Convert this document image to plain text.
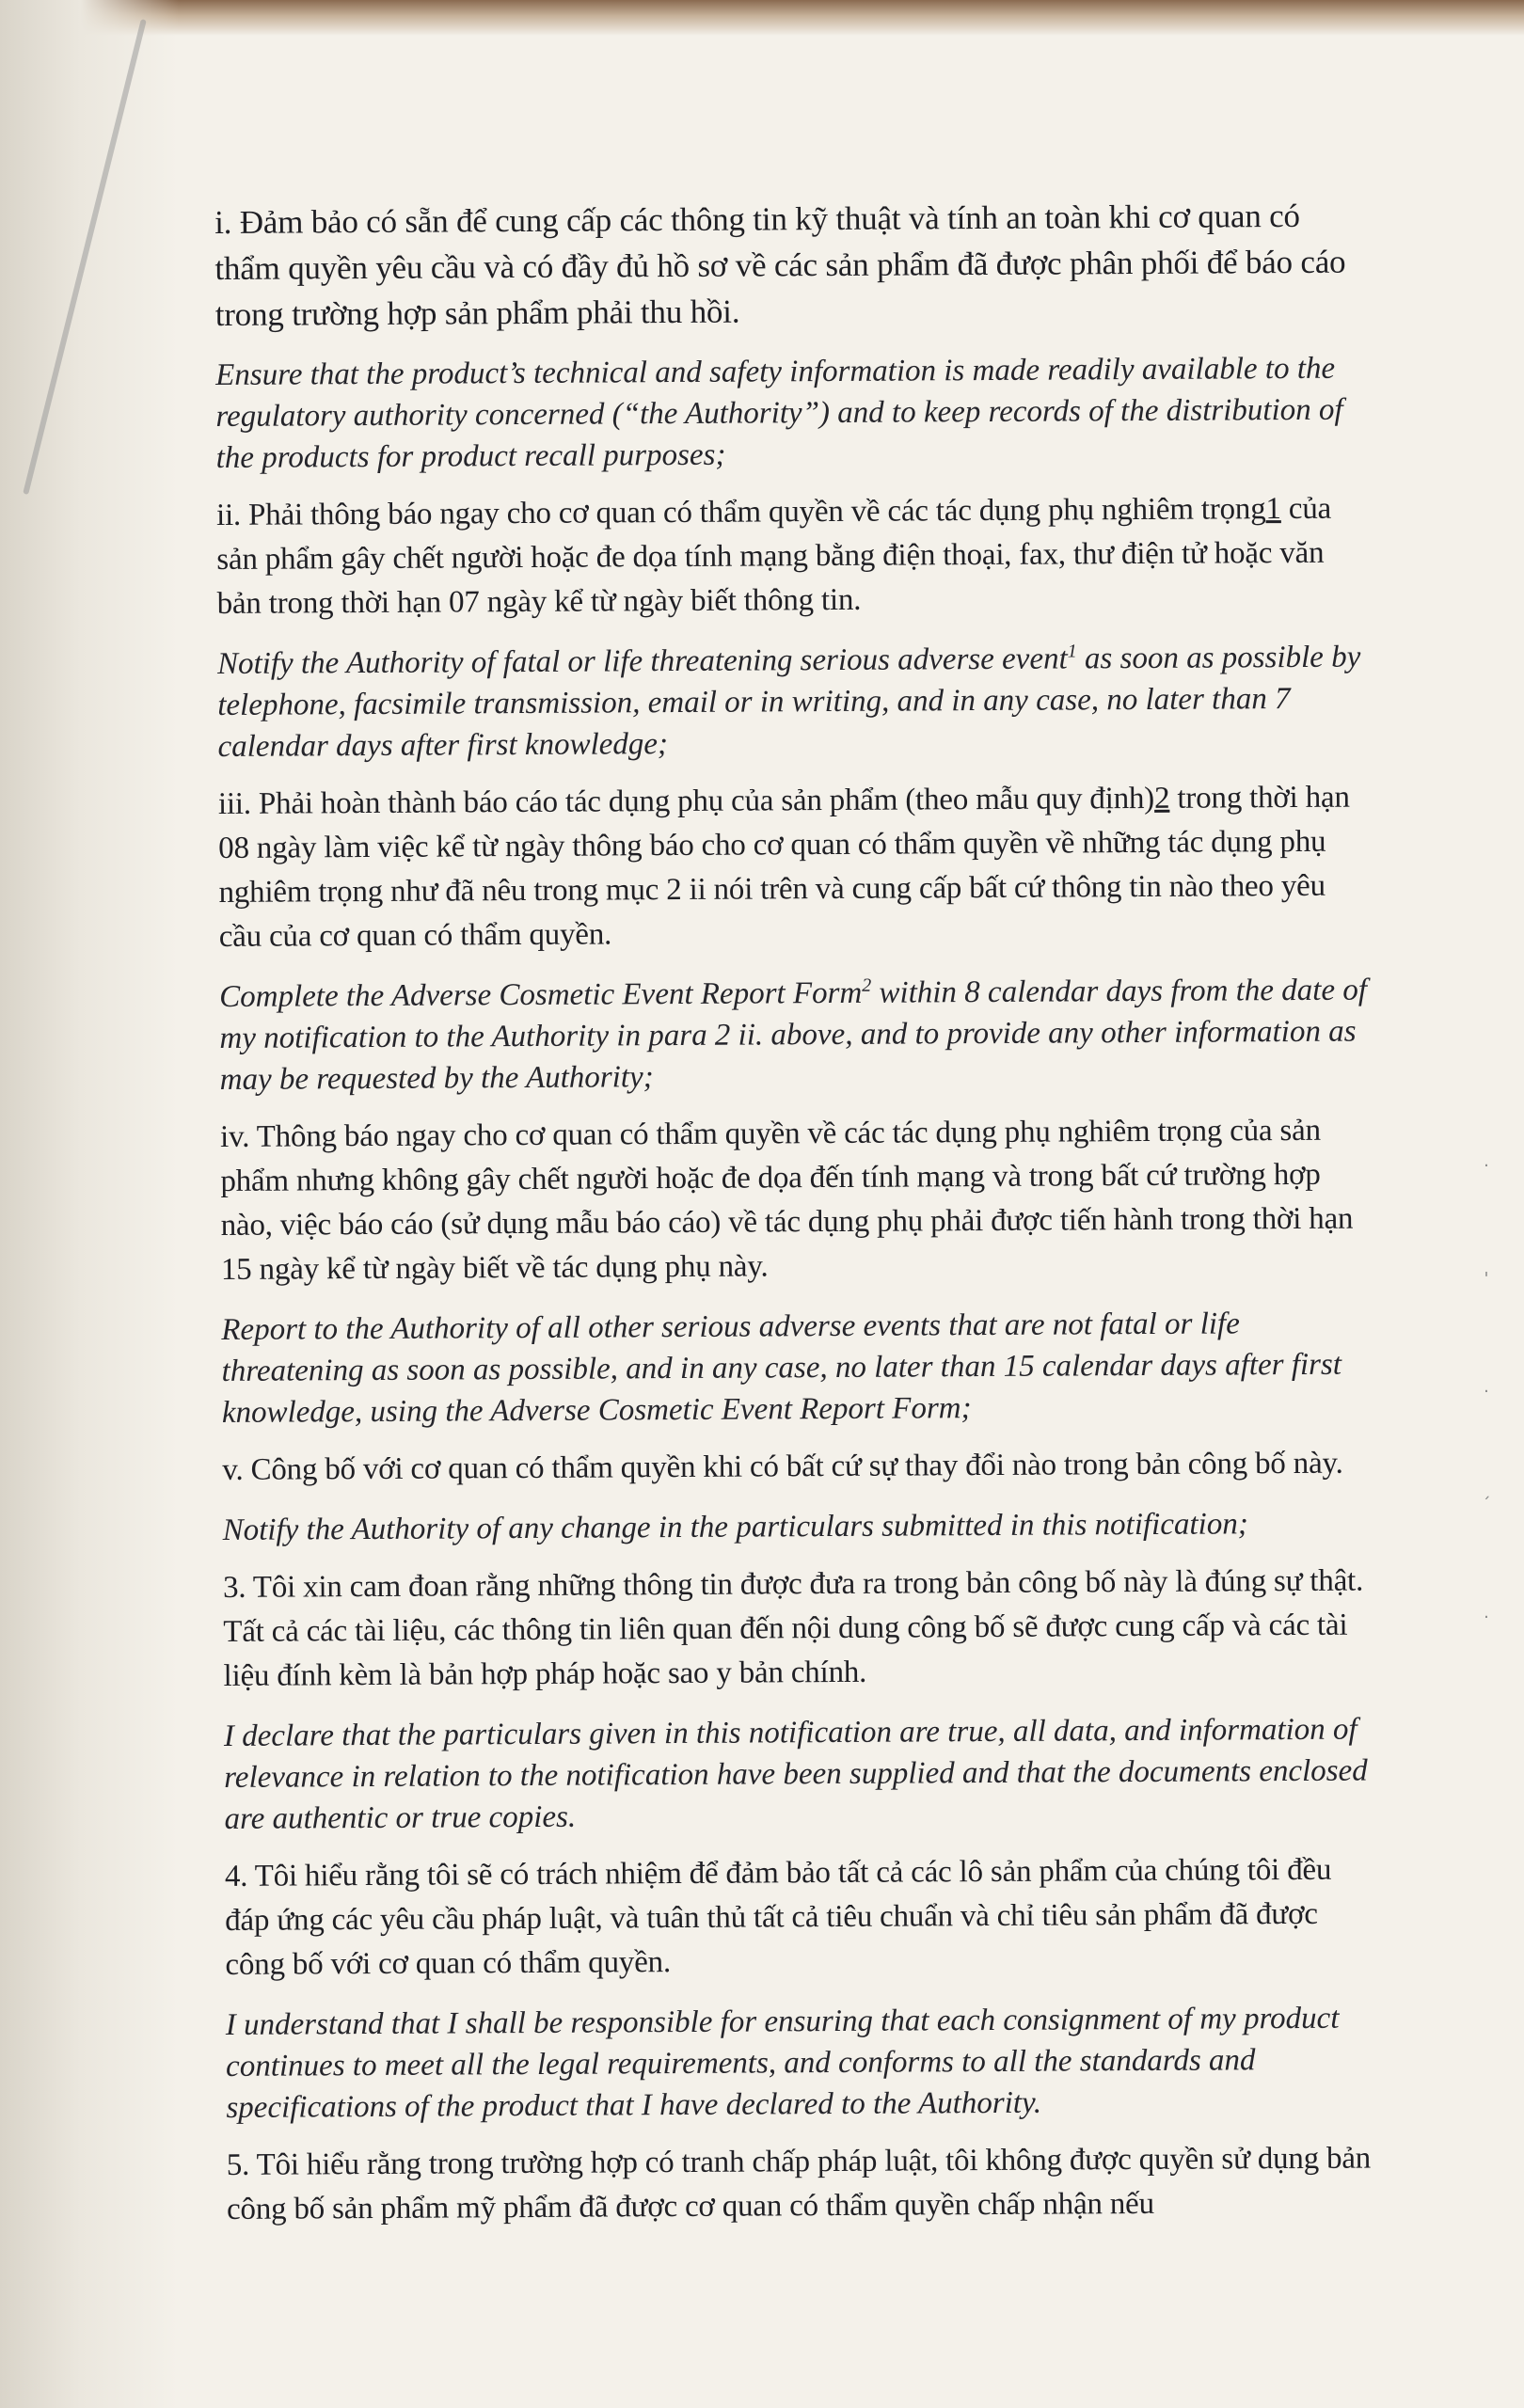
·
'
·
´
·

i. Đảm bảo có sẵn để cung cấp các thông tin kỹ thuật và tính an toàn khi cơ quan có thẩm quyền yêu cầu và có đầy đủ hồ sơ về các sản phẩm đã được phân phối để báo cáo trong trường hợp sản phẩm phải thu hồi.

Ensure that the product’s technical and safety information is made readily available to the regulatory authority concerned (“the Authority”) and to keep records of the distribution of the products for product recall purposes;

ii. Phải thông báo ngay cho cơ quan có thẩm quyền về các tác dụng phụ nghiêm trọng1 của sản phẩm gây chết người hoặc đe dọa tính mạng bằng điện thoại, fax, thư điện tử hoặc văn bản trong thời hạn 07 ngày kể từ ngày biết thông tin.

Notify the Authority of fatal or life threatening serious adverse event$^1$ as soon as possible by telephone, facsimile transmission, email or in writing, and in any case, no later than 7 calendar days after first knowledge;

iii. Phải hoàn thành báo cáo tác dụng phụ của sản phẩm (theo mẫu quy định)2 trong thời hạn 08 ngày làm việc kể từ ngày thông báo cho cơ quan có thẩm quyền về những tác dụng phụ nghiêm trọng như đã nêu trong mục 2 ii nói trên và cung cấp bất cứ thông tin nào theo yêu cầu của cơ quan có thẩm quyền.

Complete the Adverse Cosmetic Event Report Form$^2$ within 8 calendar days from the date of my notification to the Authority in para 2 ii. above, and to provide any other information as may be requested by the Authority;

iv. Thông báo ngay cho cơ quan có thẩm quyền về các tác dụng phụ nghiêm trọng của sản phẩm nhưng không gây chết người hoặc đe dọa đến tính mạng và trong bất cứ trường hợp nào, việc báo cáo (sử dụng mẫu báo cáo) về tác dụng phụ phải được tiến hành trong thời hạn 15 ngày kể từ ngày biết về tác dụng phụ này.

Report to the Authority of all other serious adverse events that are not fatal or life threatening as soon as possible, and in any case, no later than 15 calendar days after first knowledge, using the Adverse Cosmetic Event Report Form;

v. Công bố với cơ quan có thẩm quyền khi có bất cứ sự thay đổi nào trong bản công bố này.

Notify the Authority of any change in the particulars submitted in this notification;

3. Tôi xin cam đoan rằng những thông tin được đưa ra trong bản công bố này là đúng sự thật. Tất cả các tài liệu, các thông tin liên quan đến nội dung công bố sẽ được cung cấp và các tài liệu đính kèm là bản hợp pháp hoặc sao y bản chính.

I declare that the particulars given in this notification are true, all data, and information of relevance in relation to the notification have been supplied and that the documents enclosed are authentic or true copies.

4. Tôi hiểu rằng tôi sẽ có trách nhiệm để đảm bảo tất cả các lô sản phẩm của chúng tôi đều đáp ứng các yêu cầu pháp luật, và tuân thủ tất cả tiêu chuẩn và chỉ tiêu sản phẩm đã được công bố với cơ quan có thẩm quyền.

I understand that I shall be responsible for ensuring that each consignment of my product continues to meet all the legal requirements, and conforms to all the standards and specifications of the product that I have declared to the Authority.

5. Tôi hiểu rằng trong trường hợp có tranh chấp pháp luật, tôi không được quyền sử dụng bản công bố sản phẩm mỹ phẩm đã được cơ quan có thẩm quyền chấp nhận nếu
